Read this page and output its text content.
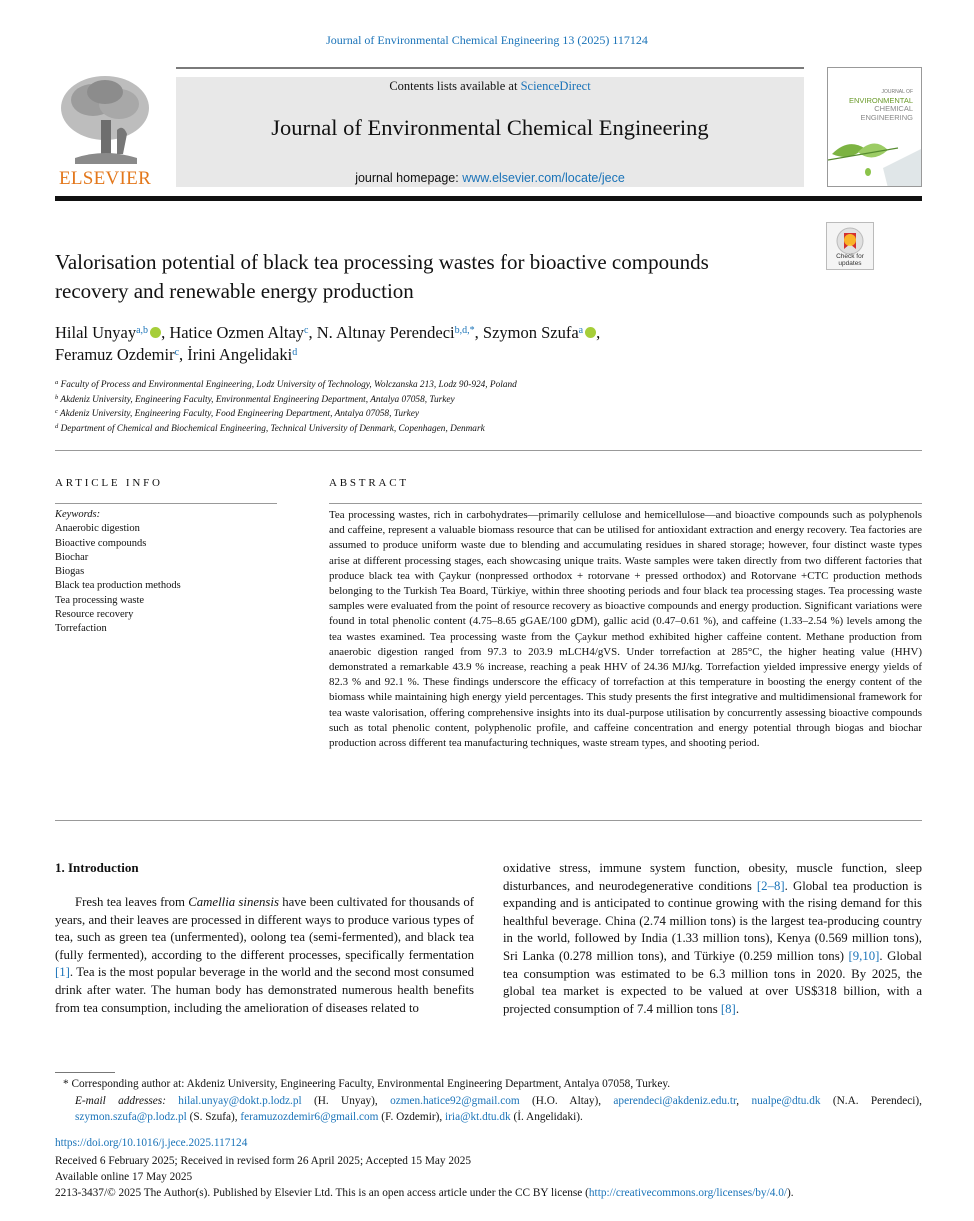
Journal of Environmental Chemical Engineering 13 (2025) 117124
ELSEVIER
Contents lists available at ScienceDirect
Journal of Environmental Chemical Engineering
journal homepage: www.elsevier.com/locate/jece
JOURNAL OF
ENVIRONMENTAL
CHEMICAL
ENGINEERING
Check for updates
Valorisation potential of black tea processing wastes for bioactive compounds recovery and renewable energy production
Hilal Unyay$^{a,b}$ , Hatice Ozmen Altay$^c$, N. Altınay Perendeci$^{b,d,*}$, Szymon Szufa$^a$ ,
Feramuz Ozdemir$^c$, İrini Angelidaki$^d$
$^a$ Faculty of Process and Environmental Engineering, Lodz University of Technology, Wolczanska 213, Lodz 90-924, Poland
$^b$ Akdeniz University, Engineering Faculty, Environmental Engineering Department, Antalya 07058, Turkey
$^c$ Akdeniz University, Engineering Faculty, Food Engineering Department, Antalya 07058, Turkey
$^d$ Department of Chemical and Biochemical Engineering, Technical University of Denmark, Copenhagen, Denmark
ARTICLE INFO
Keywords:
Anaerobic digestion
Bioactive compounds
Biochar
Biogas
Black tea production methods
Tea processing waste
Resource recovery
Torrefaction
ABSTRACT
Tea processing wastes, rich in carbohydrates—primarily cellulose and hemicellulose—and bioactive compounds such as polyphenols and caffeine, represent a valuable biomass resource that can be utilised for antioxidant extraction and energy recovery. Tea factories are assumed to produce uniform waste due to blending and accumulating residues in shared storage; however, four distinct waste types arise at different processing stages, each showcasing unique traits. Waste samples were taken directly from two different factories that produce black tea with Çaykur (nonpressed orthodox + rotorvane + pressed orthodox) and Rotorvane +CTC production methods belonging to the Turkish Tea Board, Türkiye, within three shooting periods and four black tea processing stages. Tea processing waste samples were evaluated from the point of resource recovery as bioactive compounds and energy production. Significant variations were found in total phenolic content (4.75–8.65 gGAE/100 gDM), gallic acid (0.47–0.61 %), and caffeine (1.33–2.54 %) levels among the tea wastes examined. Tea processing waste from the Çaykur method exhibited higher caffeine content. Methane production from anaerobic digestion ranged from 97.3 to 203.9 mLCH4/gVS. Under torrefaction at 285°C, the higher heating value (HHV) demonstrated a remarkable 43.9 % increase, reaching a peak HHV of 24.36 MJ/kg. Torrefaction yielded impressive energy yields of 82.3 % and 92.1 %. These findings underscore the efficacy of torrefaction at this temperature in boosting the energy content of the biomass while maintaining high energy yield percentages. This study presents the first integrative and multidimensional framework for tea waste valorisation, offering comprehensive insights into its dual-purpose utilisation by concurrently assessing bioactive compounds such as total phenolic content, polyphenolic profile, and caffeine concentration and energy potential through biogas and biochar production across different tea manufacturing techniques, waste stream types, and shooting period.
1. Introduction
Fresh tea leaves from Camellia sinensis have been cultivated for thousands of years, and their leaves are processed in different ways to produce various types of tea, such as green tea (unfermented), oolong tea (semi-fermented), and black tea (fully fermented), according to the different processes, specifically fermentation [1]. Tea is the most popular beverage in the world and the second most consumed drink after water. The human body has demonstrated numerous health benefits from tea consumption, including the amelioration of diseases related to
oxidative stress, immune system function, obesity, muscle function, sleep disturbances, and neurodegenerative conditions [2–8]. Global tea production is expanding and is anticipated to continue growing with the rising demand for this healthful beverage. China (2.74 million tons) is the largest tea-producing country in the world, followed by India (1.33 million tons), Kenya (0.569 million tons), Sri Lanka (0.278 million tons), and Türkiye (0.259 million tons) [9,10]. Global tea consumption was estimated to be 6.3 million tons in 2020. By 2025, the global tea market is expected to be valued at over US$318 billion, with a projected consumption of 7.4 million tons [8].
* Corresponding author at: Akdeniz University, Engineering Faculty, Environmental Engineering Department, Antalya 07058, Turkey.
E-mail addresses: hilal.unyay@dokt.p.lodz.pl (H. Unyay), ozmen.hatice92@gmail.com (H.O. Altay), aperendeci@akdeniz.edu.tr, nualpe@dtu.dk (N.A. Perendeci), szymon.szufa@p.lodz.pl (S. Szufa), feramuzozdemir6@gmail.com (F. Ozdemir), iria@kt.dtu.dk (İ. Angelidaki).
https://doi.org/10.1016/j.jece.2025.117124
Received 6 February 2025; Received in revised form 26 April 2025; Accepted 15 May 2025
Available online 17 May 2025
2213-3437/© 2025 The Author(s). Published by Elsevier Ltd. This is an open access article under the CC BY license (http://creativecommons.org/licenses/by/4.0/).
